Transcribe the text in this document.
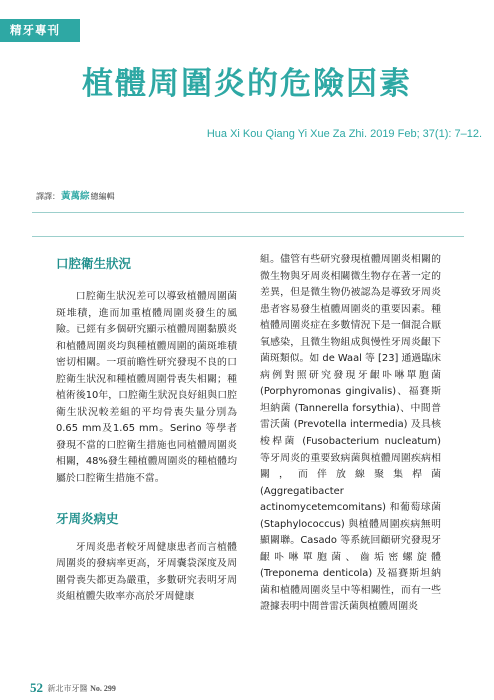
精牙專刊
植體周圍炎的危險因素
Hua Xi Kou Qiang Yi Xue Za Zhi. 2019 Feb; 37(1): 7–12.
譯譯：黃萬綜總編輯
口腔衛生狀況

口腔衛生狀況差可以導致植體周圍菌斑堆積，進而加重植體周圍炎發生的風險。已經有多個研究顯示植體周圍黏膜炎和植體周圍炎均與種植體周圍的菌斑堆積密切相關。一項前瞻性研究發現不良的口腔衛生狀況和種植體周圍骨喪失相關；種植術後10年，口腔衛生狀況良好組與口腔衛生狀況較差組的平均骨喪失量分別為0.65 mm及1.65 mm。Serino 等學者發現不當的口腔衛生措施也同植體周圍炎相關，48%發生種植體周圍炎的種植體均屬於口腔衛生措施不當。

牙周炎病史

牙周炎患者較牙周健康患者而言植體周圍炎的發病率更高，牙周囊袋深度及周圍骨喪失都更為嚴重，多數研究表明牙周炎組植體失敗率亦高於牙周健康

組。儘管有些研究發現植體周圍炎相關的微生物與牙周炎相關微生物存在著一定的差異，但是微生物仍被認為是導致牙周炎患者容易發生植體周圍炎的重要因素。種植體周圍炎症在多數情況下是一個混合厭氧感染，且微生物組成與慢性牙周炎齦下菌斑類似。如 de Waal 等 [23] 通過臨床病例對照研究發現牙齦卟啉單胞菌 (Porphyromonas gingivalis)、福賽斯坦納菌 (Tannerella forsythia)、中間普雷沃菌 (Prevotella intermedia) 及具核梭桿菌 (Fusobacterium nucleatum) 等牙周炎的重要致病菌與植體周圍疾病相關，而伴放線聚集桿菌 (Aggregatibacter actinomycetemcomitans) 和葡萄球菌 (Staphylococcus) 與植體周圍疾病無明顯關聯。Casado 等系統回顧研究發現牙齦卟啉單胞菌、齒垢密螺旋體 (Treponema denticola) 及福賽斯坦納菌和植體周圍炎呈中等相關性，而有一些證據表明中間普雷沃菌與植體周圍炎

52 新北市牙醫 No. 299
